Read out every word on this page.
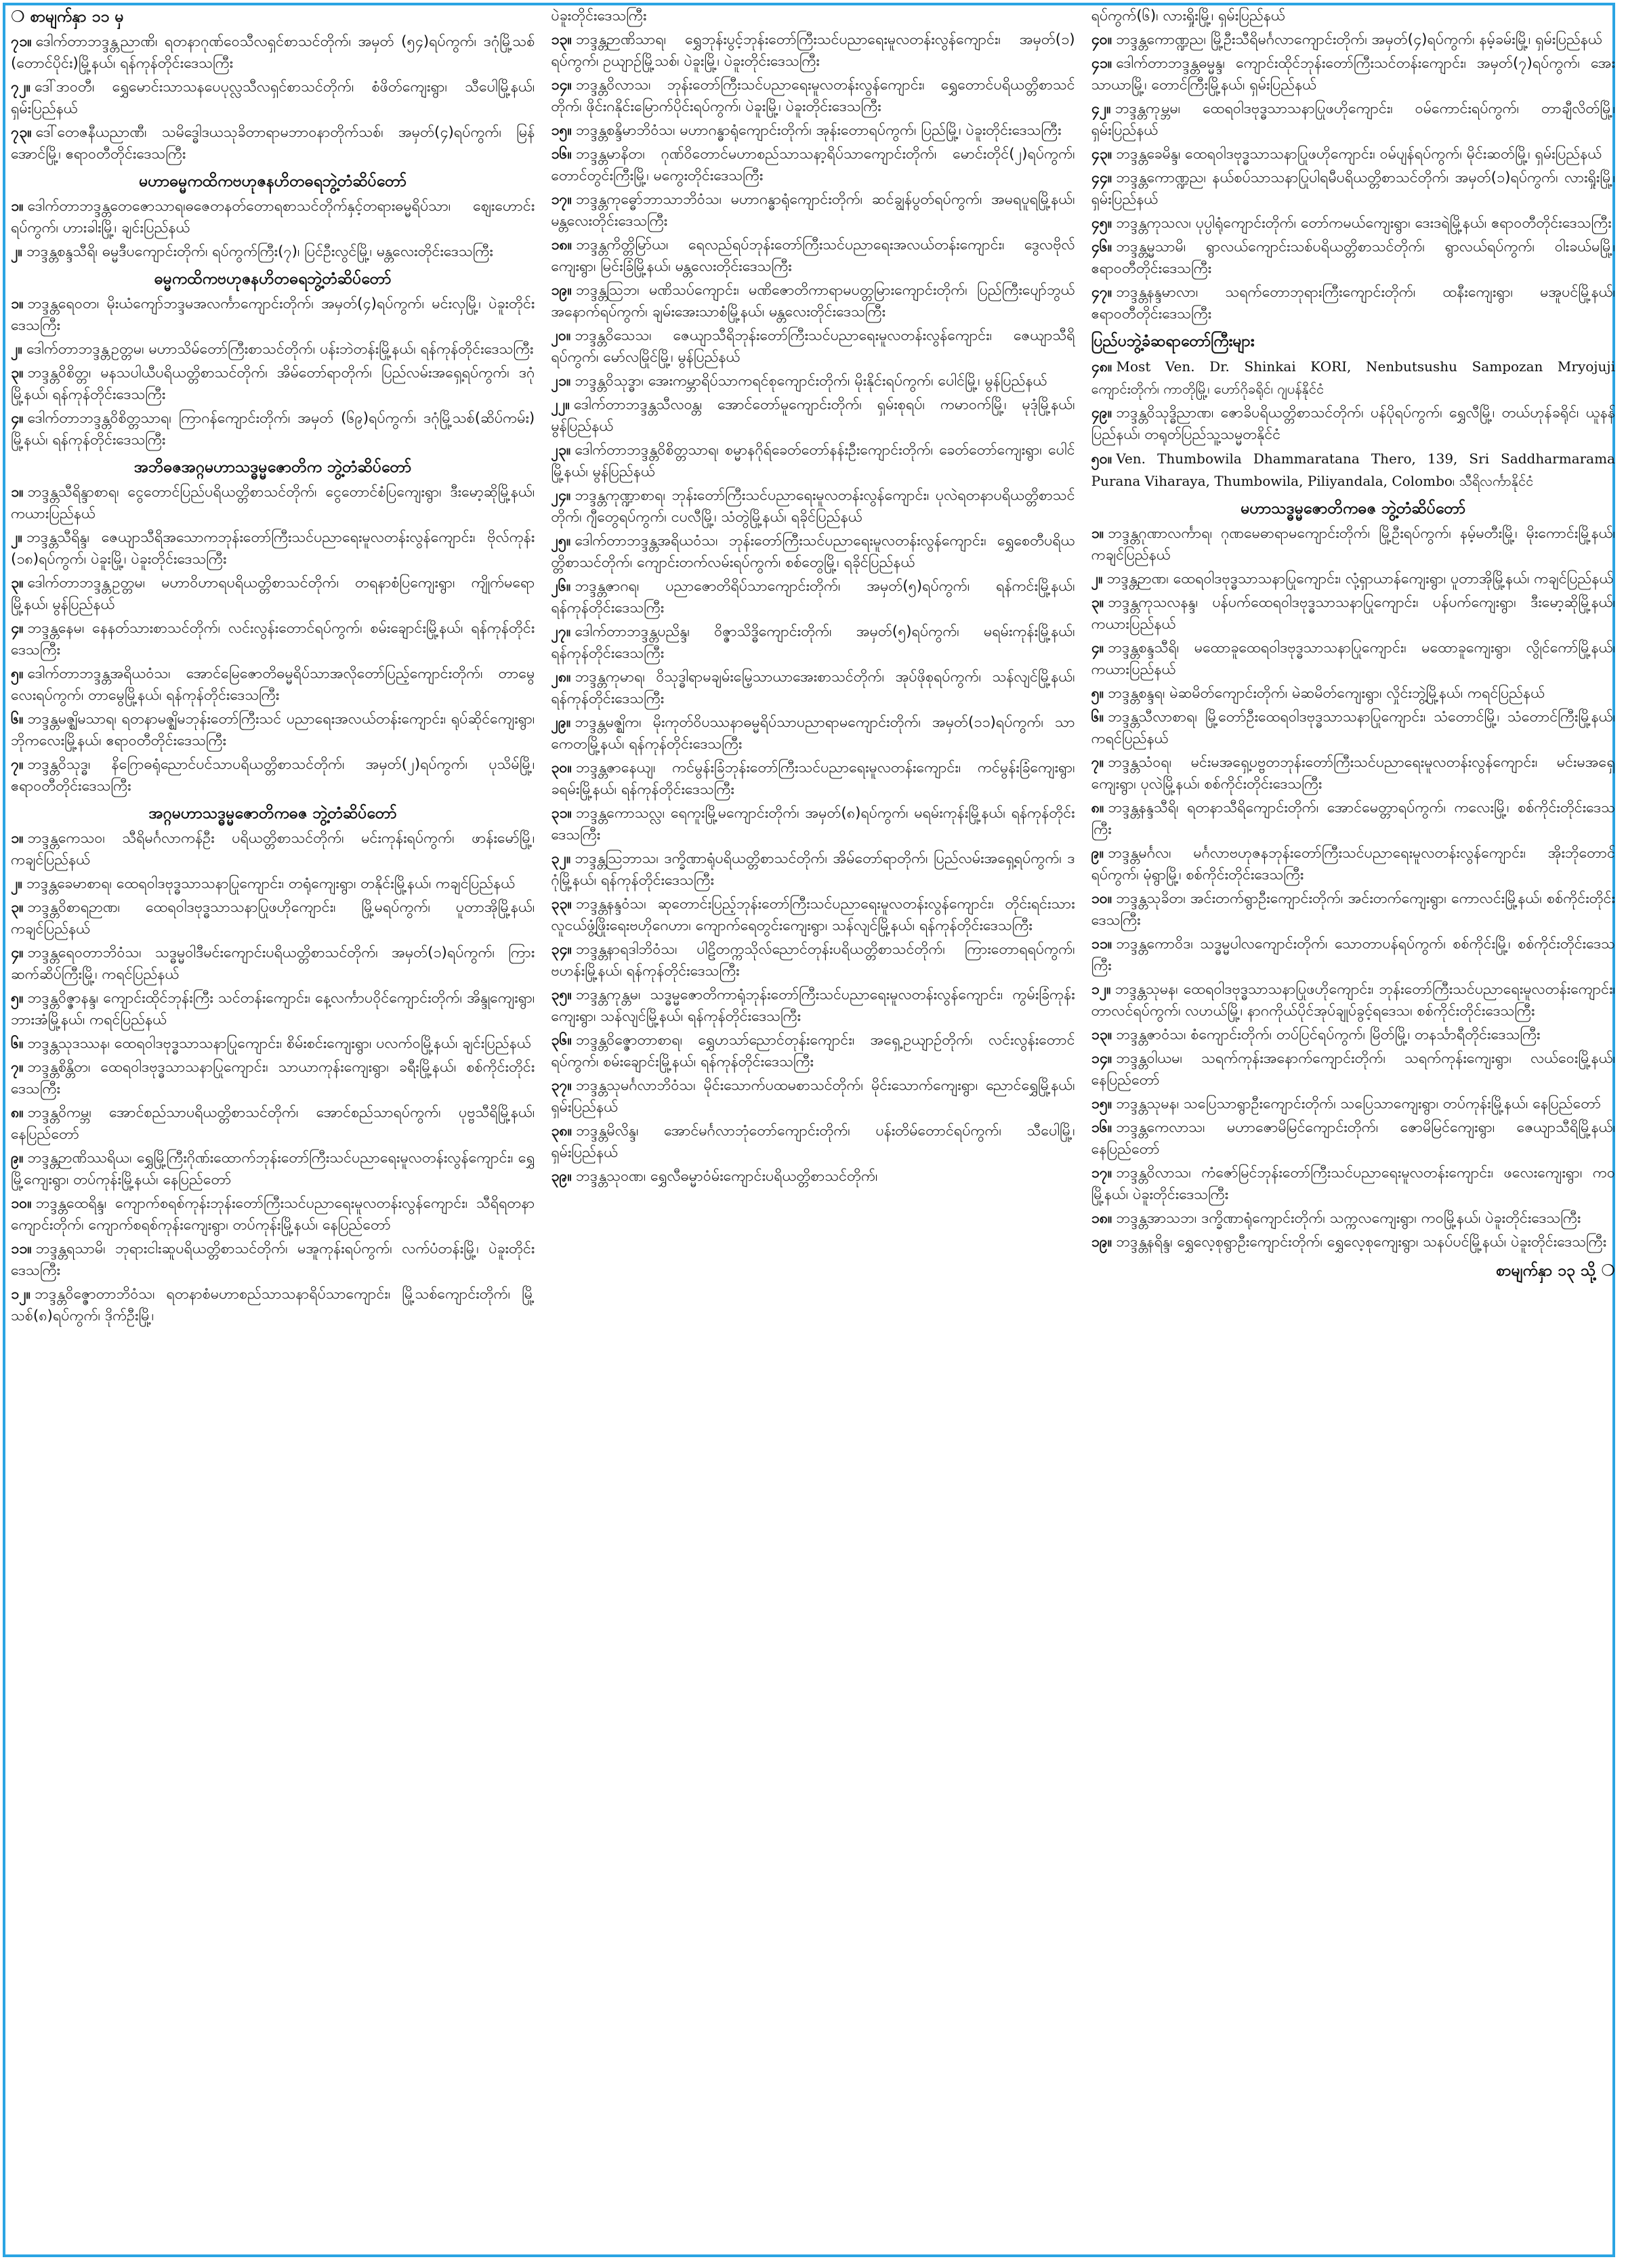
❍ စာမျက်နှာ ၁၁ မှ
၇၁။ ဒေါက်တာဘဒ္ဒန္တညာဏိ၊ ရတနာဂုဏ်ဝေသီလရှင်စာသင်တိုက်၊ အမှတ် (၅၄)ရပ်ကွက်၊ ဒဂုံမြို့သစ် (တောင်ပိုင်း)မြို့နယ်၊ ရန်ကုန်တိုင်းဒေသကြီး
၇၂။ ဒေါ်ဒာဝတီ၊ ရွှေမောင်းသာသနပေပုလ္လသီလရှင်စာသင်တိုက်၊ စံဖိတ်ကျေးရွာ၊ သီပေါမြို့နယ်၊ ရှမ်းပြည်နယ်
၇၃။ ဒေါ်တေဇနီယညာဏီ၊ သမိဒ္ဓေါဒယသုခိတာရာမဘာဝနာတိုက်သစ်၊ အမှတ်(၄)ရပ်ကွက်၊ မြန်အောင်မြို့၊ ဧရာဝတီတိုင်းဒေသကြီး
မဟာဓမ္မကထိကဗဟုဇနဟိတဓရဘွဲ့တံဆိပ်တော်
၁။ ဒေါက်တာဘဒ္ဒန္တတေဇောသာရ၊ဓဇေတနတ်တောရစာသင်တိုက်နှင့်တရားဓမ္မရိပ်သာ၊ ဈေးဟောင်းရပ်ကွက်၊ ဟားခါးမြို့၊ ချင်းပြည်နယ်
၂။ ဘဒ္ဒန္တစန္ဒသီရိ၊ ဓမ္မဒီပကျောင်းတိုက်၊ ရပ်ကွက်ကြီး(၇)၊ ပြင်ဦးလွင်မြို့၊ မန္တလေးတိုင်းဒေသကြီး
ဓမ္မကထိကဗဟုဇနဟိတဓရဘွဲ့တံဆိပ်တော်
၁။ ဘဒ္ဒန္တရေဝတ၊ မိုးယံကျော်ဘဒ္ဒမအလင်္ကာကျောင်းတိုက်၊ အမှတ်(၄)ရပ်ကွက်၊ မင်းလှမြို့၊ ပဲခူးတိုင်းဒေသကြီး
၂။ ဒေါက်တာဘဒ္ဒန္တဥတ္တမ၊ မဟာသိမ်တော်ကြီးစာသင်တိုက်၊ ပန်းဘဲတန်းမြို့နယ်၊ ရန်ကုန်တိုင်းဒေသကြီး
၃။ ဘဒ္ဒန္တဝိစိတ္တ၊ မနသပါယီပရိယတ္တိစာသင်တိုက်၊ အိမ်တော်ရာတိုက်၊ ပြည်လမ်းအရှေ့ရပ်ကွက်၊ ဒဂုံမြို့နယ်၊ ရန်ကုန်တိုင်းဒေသကြီး
၄။ ဒေါက်တာဘဒ္ဒန္တဝိစိတ္တသာရ၊ ကြာဂန်ကျောင်းတိုက်၊ အမှတ် (၆၉)ရပ်ကွက်၊ ဒဂုံမြို့သစ်(ဆိပ်ကမ်း) မြို့နယ်၊ ရန်ကုန်တိုင်းဒေသကြီး
အဘိဓဇအဂ္ဂမဟာသဒ္ဓမ္မဇောတိက ဘွဲ့တံဆိပ်တော်
၁။ ဘဒ္ဒန္တသီရိန္ဒာစာရ၊ ငွေတောင်ပြည်ပရိယတ္တိစာသင်တိုက်၊ ငွေတောင်စံပြကျေးရွာ၊ ဒီးမော့ဆိုမြို့နယ်၊ ကယားပြည်နယ်
၂။ ဘဒ္ဒန္တသီရိန္ဒ၊ ဇေယျာသီရိအသောကဘုန်းတော်ကြီးသင်ပညာရေးမူလတန်းလွန်ကျောင်း၊ ဗိုလ်ကုန်း (၁၈)ရပ်ကွက်၊ ပဲခူးမြို့၊ ပဲခူးတိုင်းဒေသကြီး
၃။ ဒေါက်တာဘဒ္ဒန္တဥတ္တမ၊ မဟာဝိဟာရပရိယတ္တိစာသင်တိုက်၊ တရနာစံပြကျေးရွာ၊ ကျိုက်မရောမြို့နယ်၊ မွန်ပြည်နယ်
၄။ ဘဒ္ဒန္တနေမ၊ နေနတ်သားစာသင်တိုက်၊ လင်းလွန်းတောင်ရပ်ကွက်၊ စမ်းချောင်းမြို့နယ်၊ ရန်ကုန်တိုင်းဒေသကြီး
၅။ ဒေါက်တာဘဒ္ဒန္တအရိယဝံသ၊ အောင်မြေဇောတိဓမ္မရိပ်သာအလိုတော်ပြည့်ကျောင်းတိုက်၊ တာမွေလေးရပ်ကွက်၊ တာမွေမြို့နယ်၊ ရန်ကုန်တိုင်းဒေသကြီး
၆။ ဘဒ္ဒန္တမဇ္ဈိမသာရ၊ ရတနာမဇ္ဈိမဘုန်းတော်ကြီးသင် ပညာရေးအလယ်တန်းကျောင်း၊ ရုပ်ဆိုင်ကျေးရွာ၊ ဘိုကလေးမြို့နယ်၊ ဧရာဝတီတိုင်းဒေသကြီး
၇။ ဘဒ္ဒန္တဝိသုဒ္ဓ၊ နိဂြောဓရုံညောင်ပင်သာပရိယတ္တိစာသင်တိုက်၊ အမှတ်(၂)ရပ်ကွက်၊ ပုသိမ်မြို့၊ ဧရာဝတီတိုင်းဒေသကြီး
အဂ္ဂမဟာသဒ္ဓမ္မဇောတိကဓဇ ဘွဲ့တံဆိပ်တော်
၁။ ဘဒ္ဒန္တကေသဝ၊ သီရိမင်္ဂလာကန်ဦး ပရိယတ္တိစာသင်တိုက်၊ မင်းကုန်းရပ်ကွက်၊ ဖာန်းမော်မြို့၊ ကချင်ပြည်နယ်
၂။ ဘဒ္ဒန္တခေမာစာရ၊ ထေရဝါဒဗုဒ္ဓသာသနာပြုကျောင်း၊ တရုံကျေးရွာ၊ တနိုင်းမြို့နယ်၊ ကချင်ပြည်နယ်
၃။ ဘဒ္ဒန္တဝိစာရဉာဏ၊ ထေရဝါဒဗုဒ္ဓသာသနာပြုဖဟိုကျောင်း၊ မြို့မရပ်ကွက်၊ ပူတာအိုမြို့နယ်၊ ကချင်ပြည်နယ်
၄။ ဘဒ္ဒန္တရေဝတာဘိဝံသ၊ သဒ္ဓမ္မဝါဒီမင်းကျောင်းပရိယတ္တိစာသင်တိုက်၊ အမှတ်(၁)ရပ်ကွက်၊ ကြားဆက်ဆိပ်ကြီးမြို့၊ ကရင်ပြည်နယ်
၅။ ဘဒ္ဒန္တဝိဇ္ဇာနန္ဒ၊ ကျောင်းထိုင်ဘုန်းကြီး သင်တန်းကျောင်း၊ နေ့လင်္ကာပဝိုင်ကျောင်းတိုက်၊ အိန္ဒုကျေးရွာ၊ ဘားအံမြို့နယ်၊ ကရင်ပြည်နယ်
၆။ ဘဒ္ဒန္တသုဒဿန၊ ထေရဝါဒဗုဒ္ဓသာသနာပြုကျောင်း၊ စိမ်းစင်းကျေးရွာ၊ ပလက်ဝမြို့နယ်၊ ချင်းပြည်နယ်
၇။ ဘဒ္ဒန္တစိန္တိတ၊ ထေရဝါဒဗုဒ္ဓသာသနာပြုကျောင်း၊ သာယာကုန်းကျေးရွာ၊ ခရီးမြို့နယ်၊ စစ်ကိုင်းတိုင်းဒေသကြီး
၈။ ဘဒ္ဒန္တဝိကမ္ဘ၊ အောင်စည်သာပရိယတ္တိစာသင်တိုက်၊ အောင်စည်သာရပ်ကွက်၊ ပုဗ္ဗသီရိမြို့နယ်၊ နေပြည်တော်
၉။ ဘဒ္ဒန္တဉာဏိဿရိယ၊ ရွှေမြို့ကြီးဂိုဏ်းထောက်ဘုန်းတော်ကြီးသင်ပညာရေးမူလတန်းလွန်ကျောင်း၊ ရွှေမြို့ကျေးရွာ၊ တပ်ကုန်းမြို့နယ်၊ နေပြည်တော်
၁၀။ ဘဒ္ဒန္တထေရိန္ဒ၊ ကျောက်စရစ်ကုန်းဘုန်းတော်ကြီးသင်ပညာရေးမူလတန်းလွန်ကျောင်း၊ သီရိရတနာကျောင်းတိုက်၊ ကျောက်စရစ်ကုန်းကျေးရွာ၊ တပ်ကုန်းမြို့နယ်၊ နေပြည်တော်
၁၁။ ဘဒ္ဒန္တရသာမိ၊ ဘုရားငါးဆူပရိယတ္တိစာသင်တိုက်၊ မအူကုန်းရပ်ကွက်၊ လက်ပံတန်းမြို့၊ ပဲခူးတိုင်းဒေသကြီး
၁၂။ ဘဒ္ဒန္တဝိဇ္ဇောတာဘိဝံသ၊ ရတနာစံမဟာစည်သာသနာရိပ်သာကျောင်း၊ မြို့သစ်ကျောင်းတိုက်၊ မြို့သစ်(၈)ရပ်ကွက်၊ ဒိုက်ဦးမြို့၊
ပဲခူးတိုင်းဒေသကြီး
၁၃။ ဘဒ္ဒန္တဉာဏိသာရ၊ ရွှေဘုန်းပွင့်ဘုန်းတော်ကြီးသင်ပညာရေးမူလတန်းလွန်ကျောင်း၊ အမှတ်(၁) ရပ်ကွက်၊ ဥယျာဉ်မြို့သစ်၊ ပဲခူးမြို့၊ ပဲခူးတိုင်းဒေသကြီး
၁၄။ ဘဒ္ဒန္တဝိလာသ၊ ဘုန်းတော်ကြီးသင်ပညာရေးမူလတန်းလွန်ကျောင်း၊ ရွှေတောင်ပရိယတ္တိစာသင်တိုက်၊ ဖိုင်းဂနိုင်းမြောက်ပိုင်းရပ်ကွက်၊ ပဲခူးမြို့၊ ပဲခူးတိုင်းဒေသကြီး
၁၅။ ဘဒ္ဒန္တစန္ဒိမာဘိဝံသ၊ မဟာဂန္ဓာရုံကျောင်းတိုက်၊ အုန်းတောရပ်ကွက်၊ ပြည်မြို့၊ ပဲခူးတိုင်းဒေသကြီး
၁၆။ ဘဒ္ဒန္တမာနိတ၊ ဂုဏ်ဝိတောင်မဟာစည်သာသနာ့ရိပ်သာကျောင်းတိုက်၊ မောင်းတိုင်(၂)ရပ်ကွက်၊ တောင်တွင်းကြီးမြို့၊ မကွေးတိုင်းဒေသကြီး
၁၇။ ဘဒ္ဒန္တကုဓ္ဓော်ဘာသာဘိဝံသ၊ မဟာဂန္ဓာရုံကျောင်းတိုက်၊ ဆင်ချွန်ပွတ်ရပ်ကွက်၊ အမရပူရမြို့နယ်၊ မန္တလေးတိုင်းဒေသကြီး
၁၈။ ဘဒ္ဒန္တကိတ္တိမြာ်ယ၊ ရေလည်ရပ်ဘုန်းတော်ကြီးသင်ပညာရေးအလယ်တန်းကျောင်း၊ ဒွေလဗိုလ်ကျေးရွာ၊ မြင်းခြံမြို့နယ်၊ မန္တလေးတိုင်းဒေသကြီး
၁၉။ ဘဒ္ဒန္တသြဘ၊ မဏိသပ်ကျောင်း၊ မဏိဇောတိကာရာမပတ္တမြားကျောင်းတိုက်၊ ပြည်ကြီးပျော်ဘွယ်အနောက်ရပ်ကွက်၊ ချမ်းအေးသာစံမြို့နယ်၊ မန္တလေးတိုင်းဒေသကြီး
၂၀။ ဘဒ္ဒန္တဝိသေသ၊ ဇေယျာသီရိဘုန်းတော်ကြီးသင်ပညာရေးမူလတန်းလွန်ကျောင်း၊ ဇေယျာသီရိရပ်ကွက်၊ မော်လမြိုင်မြို့၊ မွန်ပြည်နယ်
၂၁။ ဘဒ္ဒန္တဝိသုဒ္ဓာ၊ အေးကမ္ဘာရိပ်သာကရင်စုကျောင်းတိုက်၊ မိုးနိုင်းရပ်ကွက်၊ ပေါင်မြို့၊ မွန်ပြည်နယ်
၂၂။ ဒေါက်တာဘဒ္ဒန္တသီလဝန္တ၊ အောင်တော်မူကျောင်းတိုက်၊ ရှမ်းစုရပ်၊ ကမာဝက်မြို့၊ မုဒုံမြို့နယ်၊ မွန်ပြည်နယ်
၂၃။ ဒေါက်တာဘဒ္ဒန္တဝိစိတ္တသာရ၊ စမ္မာနဂိုရ်ခေတ်တော်နန်းဦးကျောင်းတိုက်၊ ခေတ်တော်ကျေးရွာ၊ ပေါင်မြို့နယ်၊ မွန်ပြည်နယ်
၂၄။ ဘဒ္ဒန္တကုဏ္ဍာစာရ၊ ဘုန်းတော်ကြီးသင်ပညာရေးမူလတန်းလွန်ကျောင်း၊ ပုလဲရတနာပရိယတ္တိစာသင်တိုက်၊ ဂျီတွေရပ်ကွက်၊ ငပလီမြို့၊ သံတွဲမြို့နယ်၊ ရခိုင်ပြည်နယ်
၂၅။ ဒေါက်တာဘဒ္ဒန္တအရိယဝံသ၊ ဘုန်းတော်ကြီးသင်ပညာရေးမူလတန်းလွန်ကျောင်း၊ ရွှေစေတီပရိယတ္တိစာသင်တိုက်၊ ကျောင်းတက်လမ်းရပ်ကွက်၊ စစ်တွေမြို့၊ ရခိုင်ပြည်နယ်
၂၆။ ဘဒ္ဒန္တဇာဂရ၊ ပညာဇောတိရိပ်သာကျောင်းတိုက်၊ အမှတ်(၅)ရပ်ကွက်၊ ရန်ကင်းမြို့နယ်၊ ရန်ကုန်တိုင်းဒေသကြီး
၂၇။ ဒေါက်တာဘဒ္ဒန္တပညိန္ဒ၊ ဝိဇ္ဇာသိဒ္ဓိကျောင်းတိုက်၊ အမှတ်(၅)ရပ်ကွက်၊ မရမ်းကုန်းမြို့နယ်၊ ရန်ကုန်တိုင်းဒေသကြီး
၂၈။ ဘဒ္ဒန္တကုမာရ၊ ဝိသုဒ္ဓါရာမချမ်းမြေ့သာယာအေးစာသင်တိုက်၊ အုပ်ဖိုစုရပ်ကွက်၊ သန်လျင်မြို့နယ်၊ ရန်ကုန်တိုင်းဒေသကြီး
၂၉။ ဘဒ္ဒန္တမဇ္ဈိက၊ မိုးကုတ်ဝိပဿနာဓမ္မရိပ်သာပညာရာမကျောင်းတိုက်၊ အမှတ်(၁၁)ရပ်ကွက်၊ သာကေတမြို့နယ်၊ ရန်ကုန်တိုင်းဒေသကြီး
၃၀။ ဘဒ္ဒန္တဇာနေယျ၊ ကင်မွန်းခြံဘုန်းတော်ကြီးသင်ပညာရေးမူလတန်းကျောင်း၊ ကင်မွန်းခြံကျေးရွာ၊ ခရမ်းမြို့နယ်၊ ရန်ကုန်တိုင်းဒေသကြီး
၃၁။ ဘဒ္ဒန္တကောသလ္လ၊ ရေကူးမြို့မကျောင်းတိုက်၊ အမှတ်(၈)ရပ်ကွက်၊ မရမ်းကုန်းမြို့နယ်၊ ရန်ကုန်တိုင်းဒေသကြီး
၃၂။ ဘဒ္ဒန္တသြဘာသ၊ ဒက္ခိဏာရုံပရိယတ္တိစာသင်တိုက်၊ အိမ်တော်ရာတိုက်၊ ပြည်လမ်းအရှေ့ရပ်ကွက်၊ ဒဂုံမြို့နယ်၊ ရန်ကုန်တိုင်းဒေသကြီး
၃၃။ ဘဒ္ဒန္တနန္ဒဝံသ၊ ဆုတောင်းပြည့်ဘုန်းတော်ကြီးသင်ပညာရေးမူလတန်းလွန်ကျောင်း၊ တိုင်းရင်းသားလူငယ်ဖွံ့ဖြိုးရေးဗဟိုဂေဟာ၊ ကျောက်ရေတွင်းကျေးရွာ၊ သန်လျင်မြို့နယ်၊ ရန်ကုန်တိုင်းဒေသကြီး
၃၄။ ဘဒ္ဒန္တနာရဒါဘိဝံသ၊ ပါဠိတက္ကသိုလ်ညောင်တုန်းပရိယတ္တိစာသင်တိုက်၊ ကြားတောရရပ်ကွက်၊ ဗဟန်းမြို့နယ်၊ ရန်ကုန်တိုင်းဒေသကြီး
၃၅။ ဘဒ္ဒန္တကုန္တမ၊ သဒ္ဓမ္မဇောတိကာရုံဘုန်းတော်ကြီးသင်ပညာရေးမူလတန်းလွန်ကျောင်း၊ ကွမ်းခြံကုန်းကျေးရွာ၊ သန်လျင်မြို့နယ်၊ ရန်ကုန်တိုင်းဒေသကြီး
၃၆။ ဘဒ္ဒန္တဝိဇ္ဇောတာစာရ၊ ရွှေဟသာ်ညောင်တုန်းကျောင်း၊ အရှေ့ဥယျာဉ်တိုက်၊ လင်းလွန်းတောင်ရပ်ကွက်၊ စမ်းချောင်းမြို့နယ်၊ ရန်ကုန်တိုင်းဒေသကြီး
၃၇။ ဘဒ္ဒန္တသုမင်္ဂလာဘိဝံသ၊ မိုင်းသောက်ပထမစာသင်တိုက်၊ မိုင်းသောက်ကျေးရွာ၊ ညောင်ရွှေမြို့နယ်၊ ရှမ်းပြည်နယ်
၃၈။ ဘဒ္ဒန္တမိလိန္ဒ၊ အောင်မင်္ဂလာဘုံတော်ကျောင်းတိုက်၊ ပန်းတိမ်တောင်ရပ်ကွက်၊ သီပေါမြို့၊ ရှမ်းပြည်နယ်
၃၉။ ဘဒ္ဒန္တသုဝဏ၊ ရွှေလီဓမ္မာဝံမ်းကျောင်းပရိယတ္တိစာသင်တိုက်၊
ရပ်ကွက်(၆)၊ လားရှိုးမြို့၊ ရှမ်းပြည်နယ်
၄၀။ ဘဒ္ဒန္တကောဏ္ဍည၊ မြို့ဦးသီရိမင်္ဂလာကျောင်းတိုက်၊ အမှတ်(၄)ရပ်ကွက်၊ နမ့်ခမ်းမြို့၊ ရှမ်းပြည်နယ်
၄၁။ ဒေါက်တာဘဒ္ဒန္တဓမ္မန္ဒ၊ ကျောင်းထိုင်ဘုန်းတော်ကြီးသင်တန်းကျောင်း၊ အမှတ်(၇)ရပ်ကွက်၊ အေးသာယာမြို့၊ တောင်ကြီးမြို့နယ်၊ ရှမ်းပြည်နယ်
၄၂။ ဘဒ္ဒန္တကုမ္ဘမ၊ ထေရဝါဒဗုဒ္ဓသာသနာပြုဖဟိုကျောင်း၊ ဝမ်ကောင်းရပ်ကွက်၊ တာချီလိတ်မြို့၊ ရှမ်းပြည်နယ်
၄၃။ ဘဒ္ဒန္တခေမိန္ဒ၊ ထေရဝါဒဗုဒ္ဓသာသနာပြုဖဟိုကျောင်း၊ ဝမ်ပျန်ရပ်ကွက်၊ မိုင်းဆတ်မြို့၊ ရှမ်းပြည်နယ်
၄၄။ ဘဒ္ဒန္တကောဏ္ဍည၊ နယ်စပ်သာသနာပြုပါရမီပရိယတ္တိစာသင်တိုက်၊ အမှတ်(၁)ရပ်ကွက်၊ လားရှိုးမြို့၊ ရှမ်းပြည်နယ်
၄၅။ ဘဒ္ဒန္တကုသလ၊ ပုပ္ပါရုံကျောင်းတိုက်၊ တော်ကမယ်ကျေးရွာ၊ ဒေးဒရဲမြို့နယ်၊ ဧရာဝတီတိုင်းဒေသကြီး
၄၆။ ဘဒ္ဒန္တမ္မသာမိ၊ ရွာလယ်ကျောင်းသစ်ပရိယတ္တိစာသင်တိုက်၊ ရွာလယ်ရပ်ကွက်၊ ဝါးခယ်မမြို့၊ ဧရာဝတီတိုင်းဒေသကြီး
၄၇။ ဘဒ္ဒန္တနန္ဒမာလာ၊ သရက်တောဘုရားကြီးကျောင်းတိုက်၊ ထနီးကျေးရွာ၊ မအူပင်မြို့နယ်၊ ဧရာဝတီတိုင်းဒေသကြီး
ပြည်ပဘွဲ့ခံဆရာတော်ကြီးများ
၄၈။ Most Ven. Dr. Shinkai KORI, Nenbutsushu Sampozan Mryojuji ကျောင်းတိုက်၊ ကာတိုမြို့၊ ဟော်ဂိုခရိုင်၊ ဂျပန်နိုင်ငံ
၄၉။ ဘဒ္ဒန္တဝိသုဒ္ဓိညာဏ၊ ဇောခိပရိယတ္တိစာသင်တိုက်၊ ပန်ပိုရပ်ကွက်၊ ရွှေလီမြို့၊ တယ်ဟုန်ခရိုင်၊ ယူနန်ပြည်နယ်၊ တရုတ်ပြည်သူ့သမ္မတနိုင်ငံ
၅၀။ Ven. Thumbowila Dhammaratana Thero, 139, Sri Saddharmarama Purana Viharaya, Thumbowila, Piliyandala, Colombo၊ သီရိလင်္ကာနိုင်ငံ
မဟာသဒ္ဓမ္မဇောတိကဓဇ ဘွဲ့တံဆိပ်တော်
၁။ ဘဒ္ဒန္တဂုဏာလင်္ကာရ၊ ဂုဏမေဓာရာမကျောင်းတိုက်၊ မြို့ဦးရပ်ကွက်၊ နမ့်မတီးမြို့၊ မိုးကောင်းမြို့နယ်၊ ကချင်ပြည်နယ်
၂။ ဘဒ္ဒန္တဉာဏ၊ ထေရဝါဒဗုဒ္ဓသာသနာပြုကျောင်း၊ လုံ့ရှာယာန်ကျေးရွာ၊ ပူတာအိုမြို့နယ်၊ ကချင်ပြည်နယ်
၃။ ဘဒ္ဒန္တကုသလနန္ဒ၊ ပန်ပက်ထေရဝါဒဗုဒ္ဓသာသနာပြုကျောင်း၊ ပန်ပက်ကျေးရွာ၊ ဒီးမော့ဆိုမြို့နယ်၊ ကယားပြည်နယ်
၄။ ဘဒ္ဒန္တစန္ဒသီရိ၊ မထောခူထေရဝါဒဗုဒ္ဓသာသနာပြုကျောင်း၊ မထောခူကျေးရွာ၊ လွိုင်ကော်မြို့နယ်၊ ကယားပြည်နယ်
၅။ ဘဒ္ဒန္တစန္ဒရ၊ မဲဆမိတ်ကျောင်းတိုက်၊ မဲဆမိတ်ကျေးရွာ၊ လှိုင်းဘွဲ့မြို့နယ်၊ ကရင်ပြည်နယ်
၆။ ဘဒ္ဒန္တသီလာစာရ၊ မြို့တော်ဦးထေရဝါဒဗုဒ္ဓသာသနာပြုကျောင်း၊ သံတောင်မြို့၊ သံတောင်ကြီးမြို့နယ်၊ ကရင်ပြည်နယ်
၇။ ဘဒ္ဒန္တသံဝရ၊ မင်းမအရှေ့ပဗ္ဗတဘုန်းတော်ကြီးသင်ပညာရေးမူလတန်းလွန်ကျောင်း၊ မင်းမအရှေ့ကျေးရွာ၊ ပုလဲမြို့နယ်၊ စစ်ကိုင်းတိုင်းဒေသကြီး
၈။ ဘဒ္ဒန္တနန္ဒသီရိ၊ ရတနာသီရိကျောင်းတိုက်၊ အောင်မေတ္တာရပ်ကွက်၊ ကလေးမြို့၊ စစ်ကိုင်းတိုင်းဒေသကြီး
၉။ ဘဒ္ဒန္တမင်္ဂလ၊ မင်္ဂလာဗဟုဇနဘုန်းတော်ကြီးသင်ပညာရေးမူလတန်းလွန်ကျောင်း၊ အိုးဘိုတောင်ရပ်ကွက်၊ မုံရွာမြို့၊ စစ်ကိုင်းတိုင်းဒေသကြီး
၁၀။ ဘဒ္ဒန္တသုခိတ၊ အင်းတက်ရွာဦးကျောင်းတိုက်၊ အင်းတက်ကျေးရွာ၊ ကောလင်းမြို့နယ်၊ စစ်ကိုင်းတိုင်းဒေသကြီး
၁၁။ ဘဒ္ဒန္တကောဝိဒ၊ သဒ္ဓမ္မပါလကျောင်းတိုက်၊ သောတာပန်ရပ်ကွက်၊ စစ်ကိုင်းမြို့၊ စစ်ကိုင်းတိုင်းဒေသကြီး
၁၂။ ဘဒ္ဒန္တသုမန၊ ထေရဝါဒဗုဒ္ဓသာသနာပြုဖဟိုကျောင်း၊ ဘုန်းတော်ကြီးသင်ပညာရေးမူလတန်းကျောင်း၊ တာလင်ရပ်ကွက်၊ လဟယ်မြို့၊ နာဂကိုယ်ပိုင်အုပ်ချုပ်ခွင့်ရဒေသ၊ စစ်ကိုင်းတိုင်းဒေသကြီး
၁၃။ ဘဒ္ဒန္တဇာဝံသ၊ စံကျောင်းတိုက်၊ တပ်ပြင်ရပ်ကွက်၊ မြိတ်မြို့၊ တနင်္သာရီတိုင်းဒေသကြီး
၁၄။ ဘဒ္ဒန္တဝါယမ၊ သရက်ကုန်းအနောက်ကျောင်းတိုက်၊ သရက်ကုန်းကျေးရွာ၊ လယ်ဝေးမြို့နယ်၊ နေပြည်တော်
၁၅။ ဘဒ္ဒန္တသုမန၊ သပြေသာရွာဦးကျောင်းတိုက်၊ သပြေသာကျေးရွာ၊ တပ်ကုန်းမြို့နယ်၊ နေပြည်တော်
၁၆။ ဘဒ္ဒန္တကေလာသ၊ မဟာဇောမိမြင်ကျောင်းတိုက်၊ ဇောမိမြင်ကျေးရွာ၊ ဇေယျာသီရိမြို့နယ်၊ နေပြည်တော်
၁၇။ ဘဒ္ဒန္တဝိလာသ၊ ကံဇော်မြင်ဘုန်းတော်ကြီးသင်ပညာရေးမူလတန်းကျောင်း၊ ဖလေးကျေးရွာ၊ ကဝမြို့နယ်၊ ပဲခူးတိုင်းဒေသကြီး
၁၈။ ဘဒ္ဒန္တအာသဘ၊ ဒက္ခိဏာရုံကျောင်းတိုက်၊ သက္ကလကျေးရွာ၊ ကဝမြို့နယ်၊ ပဲခူးတိုင်းဒေသကြီး
၁၉။ ဘဒ္ဒန္တနရိန္ဒ၊ ရွှေလေ့စုရွာဦးကျောင်းတိုက်၊ ရွှေလေ့စုကျေးရွာ၊ သနပ်ပင်မြို့နယ်၊ ပဲခူးတိုင်းဒေသကြီး
စာမျက်နှာ ၁၃ သို့ ❍
